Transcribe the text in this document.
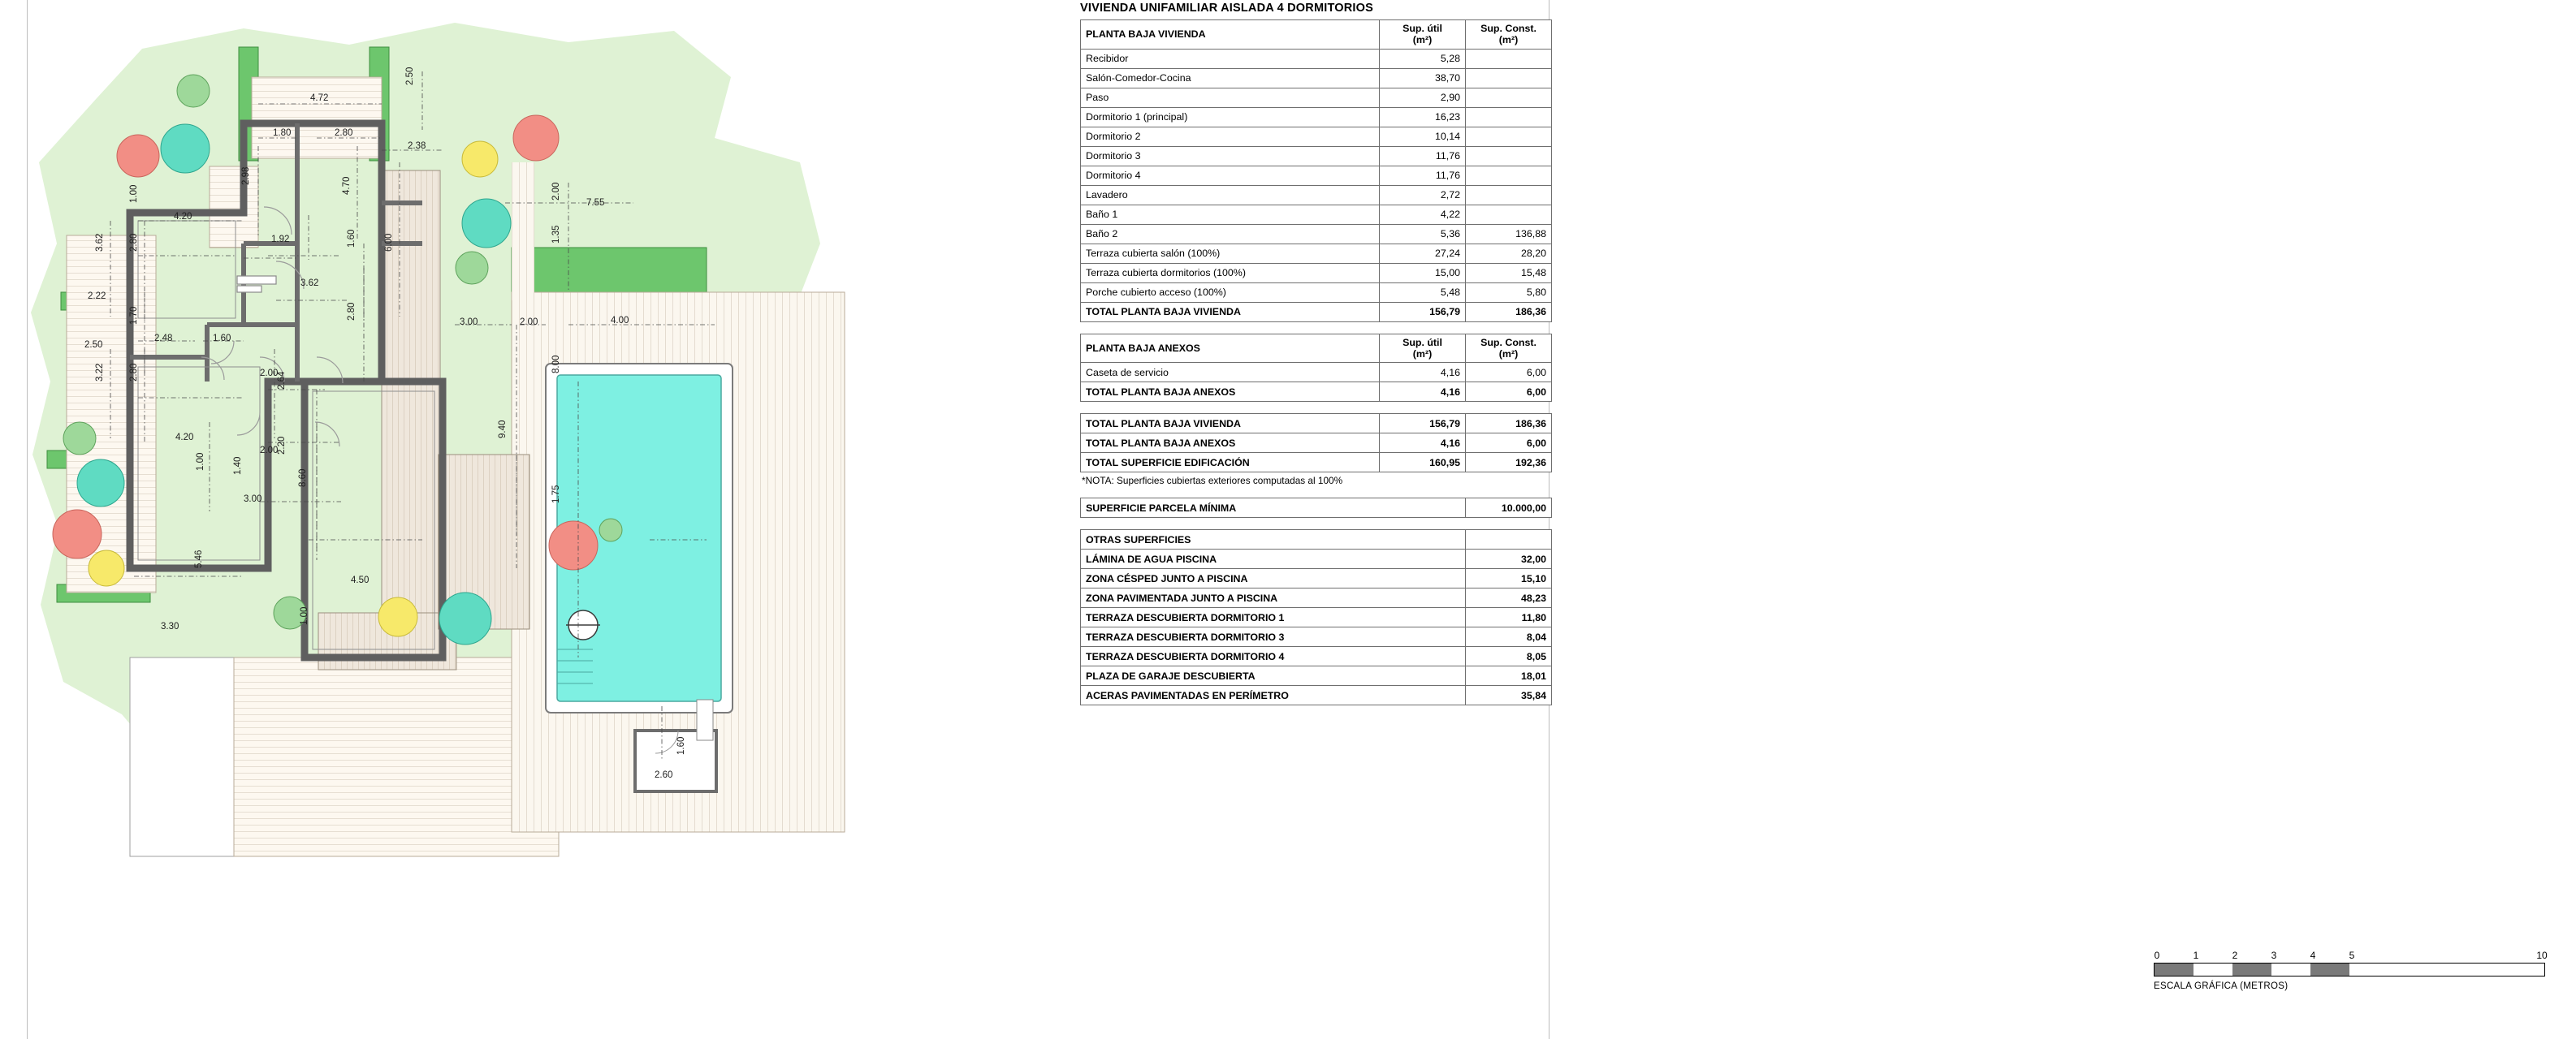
4.72
2.50
1.80	2.80
2.38
2.98
4.70
1.00
4.20
1.92	1.60
2.80
3.62
3.62
6.00
2.80
2.22
1.70
2.48	1.60
2.50
2.00
2.64
3.22	2.80
4.20
2.00
1.40
2.20
1.00
8.60
3.00
5.46
4.50
3.30
1.00
3.00	2.00
7.55
2.00
1.35
4.00
8.00
9.40
1.75
2.60
1.60
VIVIENDA UNIFAMILIAR AISLADA 4 DORMITORIOS
PLANTA BAJA VIVIENDA	Sup. útil
(m²)	Sup. Const.
(m²)
Recibidor	5,28	
Salón-Comedor-Cocina	38,70	
Paso	2,90	
Dormitorio 1 (principal)	16,23	
Dormitorio 2	10,14	
Dormitorio 3	11,76	
Dormitorio 4	11,76	
Lavadero	2,72	
Baño 1	4,22	
Baño 2	5,36	136,88
Terraza cubierta salón (100%)	27,24	28,20
Terraza cubierta dormitorios (100%)	15,00	15,48
Porche cubierto acceso (100%)	5,48	5,80
TOTAL PLANTA BAJA VIVIENDA	156,79	186,36
PLANTA BAJA ANEXOS	Sup. útil
(m²)	Sup. Const.
(m²)
Caseta de servicio	4,16	6,00
TOTAL PLANTA BAJA ANEXOS	4,16	6,00
TOTAL PLANTA BAJA VIVIENDA	156,79	186,36
TOTAL PLANTA BAJA ANEXOS	4,16	6,00
TOTAL SUPERFICIE EDIFICACIÓN	160,95	192,36
*NOTA: Superficies cubiertas exteriores computadas al 100%
SUPERFICIE PARCELA MÍNIMA	10.000,00
OTRAS SUPERFICIES	
LÁMINA DE AGUA PISCINA	32,00
ZONA CÉSPED JUNTO A PISCINA	15,10
ZONA PAVIMENTADA JUNTO A PISCINA	48,23
TERRAZA DESCUBIERTA DORMITORIO 1	11,80
TERRAZA DESCUBIERTA DORMITORIO 3	8,04
TERRAZA DESCUBIERTA DORMITORIO 4	8,05
PLAZA DE GARAJE DESCUBIERTA	18,01
ACERAS PAVIMENTADAS EN PERÍMETRO	35,84
0	1	2	3	4	5	10
ESCALA GRÁFICA (METROS)
